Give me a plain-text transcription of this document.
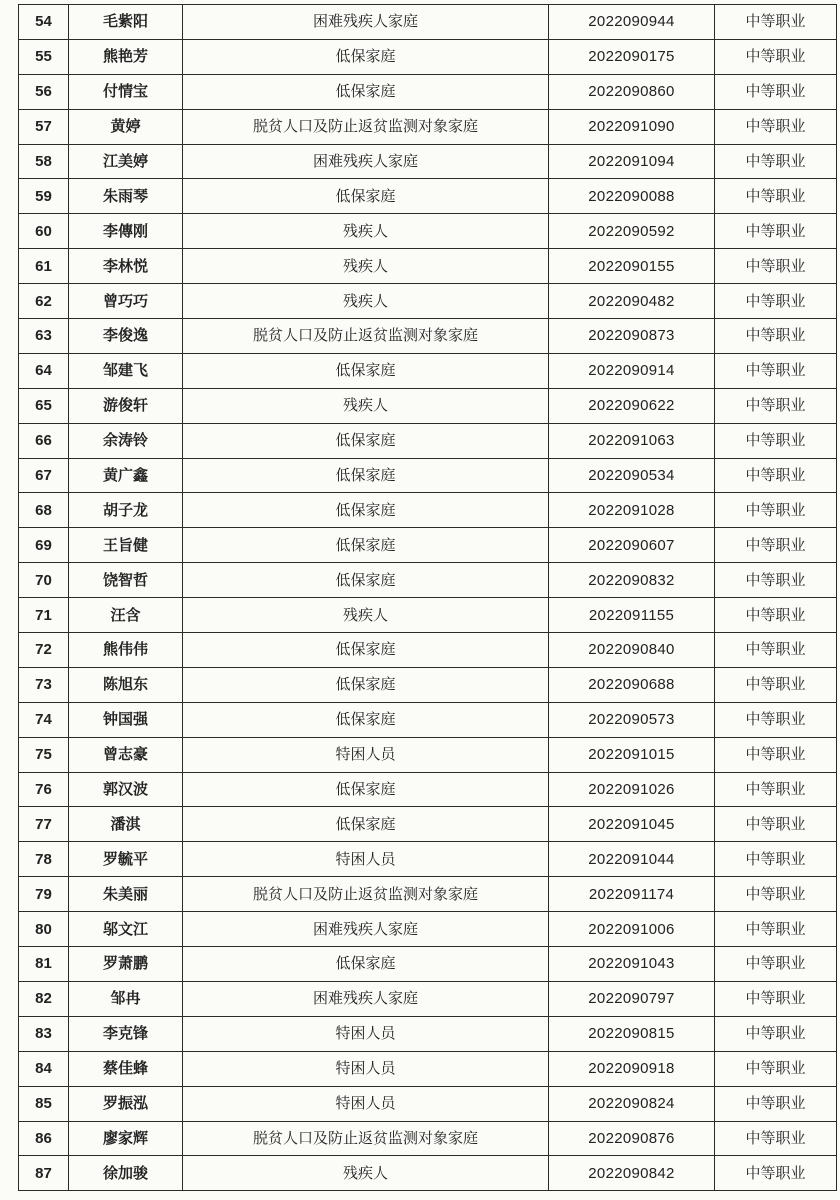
54	毛紫阳	困难残疾人家庭	2022090944	中等职业
55	熊艳芳	低保家庭	2022090175	中等职业
56	付情宝	低保家庭	2022090860	中等职业
57	黄婷	脱贫人口及防止返贫监测对象家庭	2022091090	中等职业
58	江美婷	困难残疾人家庭	2022091094	中等职业
59	朱雨琴	低保家庭	2022090088	中等职业
60	李傳刚	残疾人	2022090592	中等职业
61	李林悦	残疾人	2022090155	中等职业
62	曾巧巧	残疾人	2022090482	中等职业
63	李俊逸	脱贫人口及防止返贫监测对象家庭	2022090873	中等职业
64	邹建飞	低保家庭	2022090914	中等职业
65	游俊轩	残疾人	2022090622	中等职业
66	余涛铃	低保家庭	2022091063	中等职业
67	黄广鑫	低保家庭	2022090534	中等职业
68	胡子龙	低保家庭	2022091028	中等职业
69	王旨健	低保家庭	2022090607	中等职业
70	饶智哲	低保家庭	2022090832	中等职业
71	汪含	残疾人	2022091155	中等职业
72	熊伟伟	低保家庭	2022090840	中等职业
73	陈旭东	低保家庭	2022090688	中等职业
74	钟国强	低保家庭	2022090573	中等职业
75	曾志豪	特困人员	2022091015	中等职业
76	郭汉波	低保家庭	2022091026	中等职业
77	潘淇	低保家庭	2022091045	中等职业
78	罗毓平	特困人员	2022091044	中等职业
79	朱美丽	脱贫人口及防止返贫监测对象家庭	2022091174	中等职业
80	邬文江	困难残疾人家庭	2022091006	中等职业
81	罗萧鹏	低保家庭	2022091043	中等职业
82	邹冉	困难残疾人家庭	2022090797	中等职业
83	李克锋	特困人员	2022090815	中等职业
84	蔡佳蜂	特困人员	2022090918	中等职业
85	罗振泓	特困人员	2022090824	中等职业
86	廖家辉	脱贫人口及防止返贫监测对象家庭	2022090876	中等职业
87	徐加骏	残疾人	2022090842	中等职业
